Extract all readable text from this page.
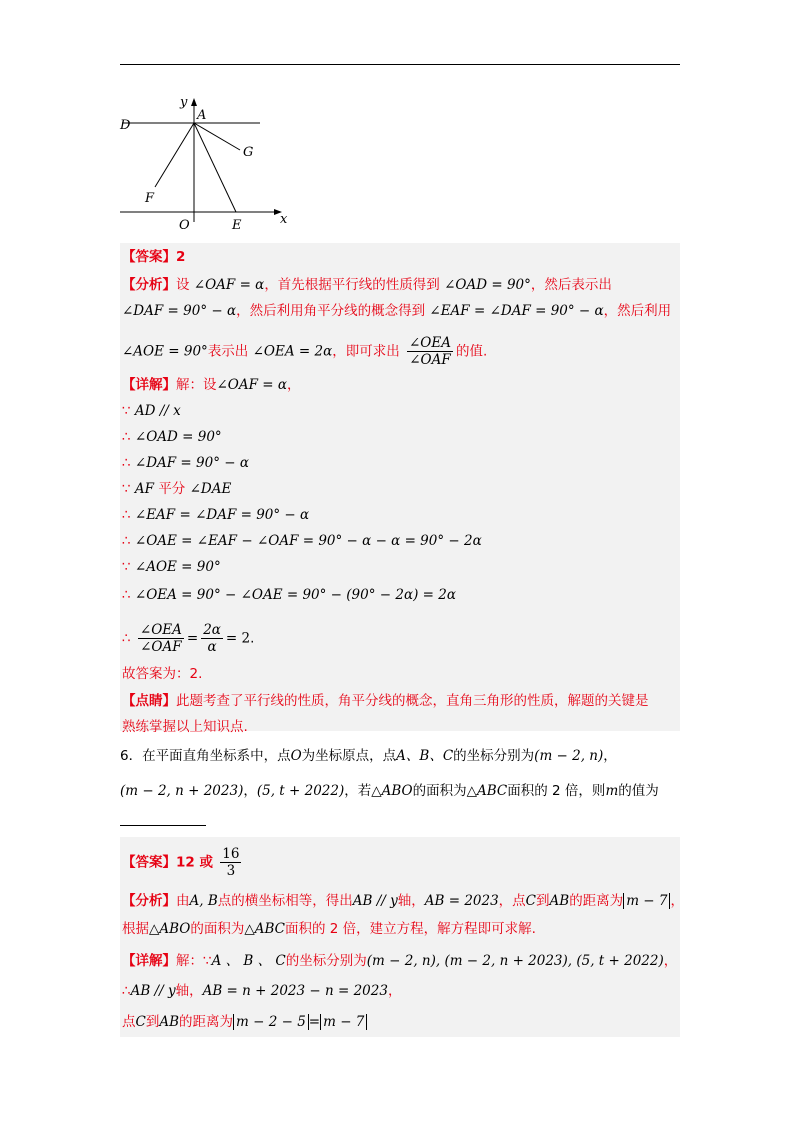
y
A
D
G
F
O	E	x
【答案】2
【分析】设 ∠OAF = α，首先根据平行线的性质得到 ∠OAD = 90°，然后表示出
∠DAF = 90° − α，然后利用角平分线的概念得到 ∠EAF = ∠DAF = 90° − α，然后利用
∠AOE = 90°表示出 ∠OEA = 2α，即可求出 $\frac{\text{∠OEA}}{\text{∠OAF}}$ 的值.
【详解】解：设∠OAF = α，
∵ AD // x
∴ ∠OAD = 90°
∴ ∠DAF = 90° − α
∵ AF 平分 ∠DAE
∴ ∠EAF = ∠DAF = 90° − α
∴ ∠OAE = ∠EAF − ∠OAF = 90° − α − α = 90° − 2α
∵ ∠AOE = 90°
∴ ∠OEA = 90° − ∠OAE = 90° − (90° − 2α) = 2α
∴ $\frac{\text{∠OEA}}{\text{∠OAF}} = \frac{2\alpha}{\alpha} = 2$.
故答案为：2.
【点睛】此题考查了平行线的性质，角平分线的概念，直角三角形的性质，解题的关键是
熟练掌握以上知识点.
6．在平面直角坐标系中，点O为坐标原点，点A、B、C的坐标分别为(m − 2, n)，
(m − 2, n + 2023)，(5, t + 2022)，若△ABO的面积为△ABC面积的 2 倍，则m的值为
【答案】12 或 $\frac{16}{3}$
【分析】由A, B点的横坐标相等，得出AB // y轴，AB = 2023，点C到AB的距离为 m − 7 ，
根据△ABO的面积为△ABC面积的 2 倍，建立方程，解方程即可求解.
【详解】解：∵A 、 B 、 C的坐标分别为(m − 2, n), (m − 2, n + 2023), (5, t + 2022)，
∴AB // y轴，AB = n + 2023 − n = 2023，
点C到AB的距离为 m − 2 − 5 = m − 7
